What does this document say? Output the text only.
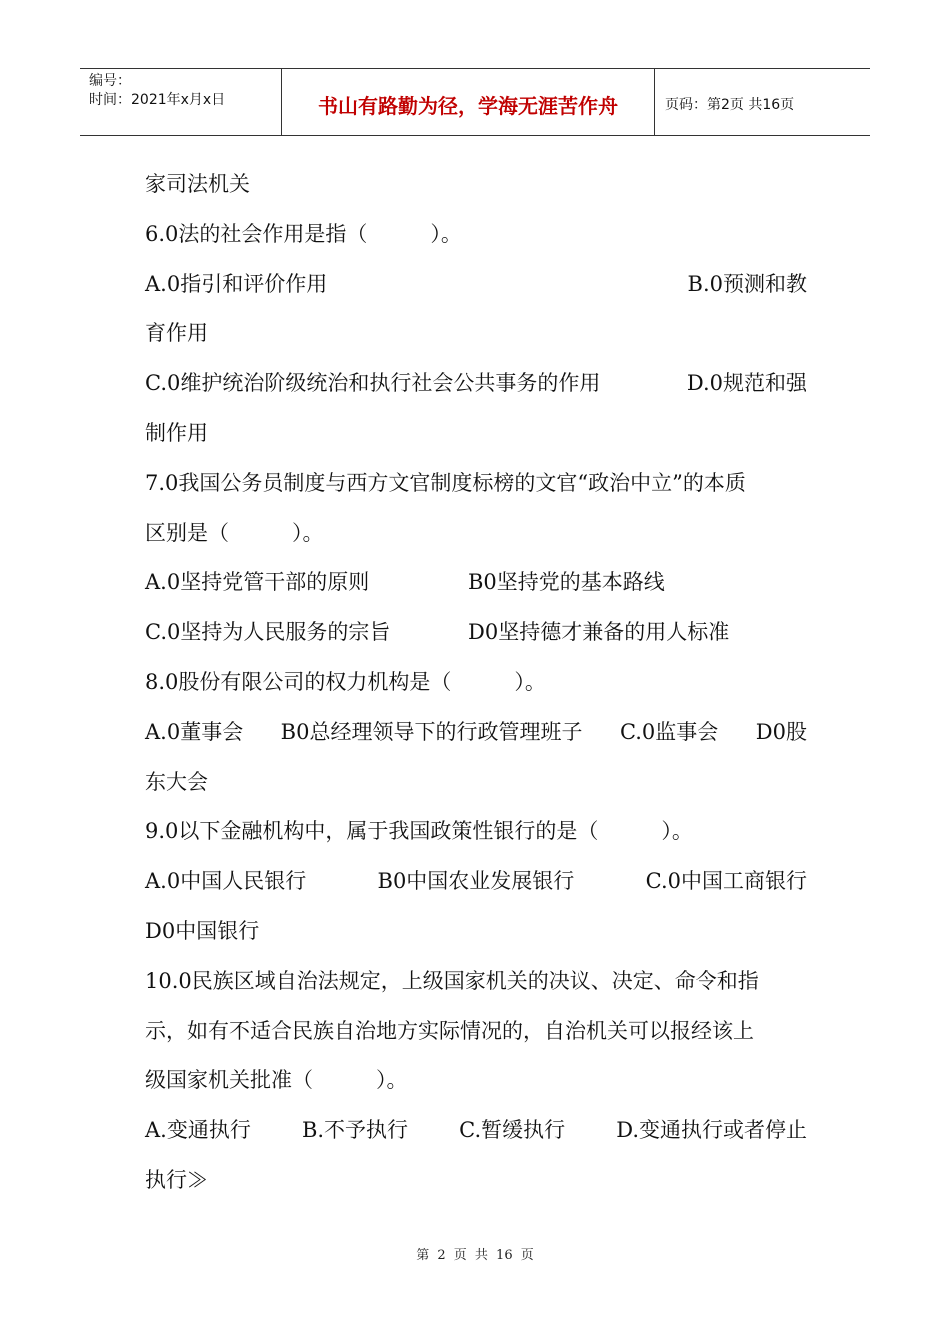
编号：
时间：2021年x月x日	书山有路勤为径，学海无涯苦作舟	页码：第2页 共16页
家司法机关
6.0法的社会作用是指（　　　）。
A.0指引和评价作用	B.0预测和教
育作用
C.0维护统治阶级统治和执行社会公共事务的作用	D.0规范和强
制作用
7.0我国公务员制度与西方文官制度标榜的文官“政治中立”的本质
区别是（　　　）。
A.0坚持党管干部的原则	B0坚持党的基本路线
C.0坚持为人民服务的宗旨	D0坚持德才兼备的用人标准
8.0股份有限公司的权力机构是（　　　）。
A.0董事会 B0总经理领导下的行政管理班子 C.0监事会 D0股
东大会
9.0以下金融机构中，属于我国政策性银行的是（　　　）。
A.0中国人民银行	B0中国农业发展银行	C.0中国工商银行
D0中国银行
10.0民族区域自治法规定，上级国家机关的决议、决定、命令和指
示，如有不适合民族自治地方实际情况的，自治机关可以报经该上
级国家机关批准（　　　）。
A.变通执行 B.不予执行 C.暂缓执行 D.变通执行或者停止
执行≫
第 2 页 共 16 页
